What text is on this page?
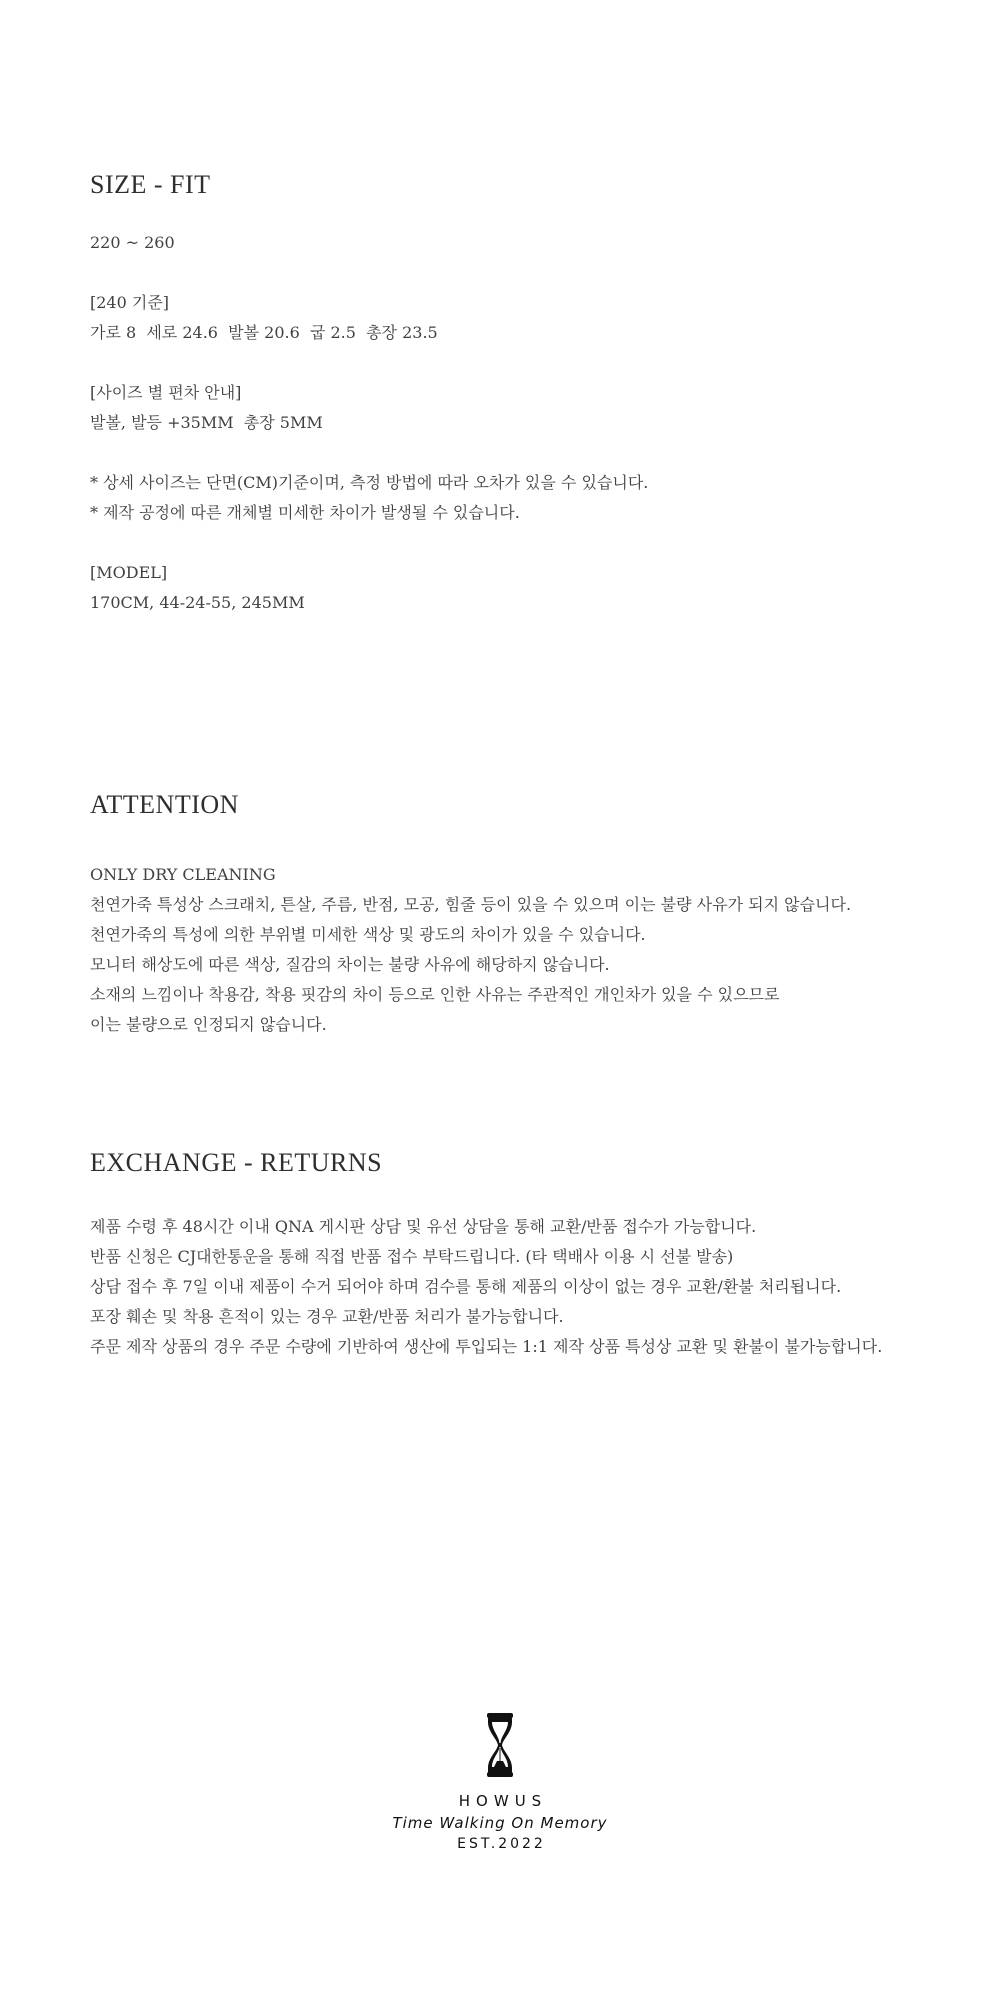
SIZE - FIT
220 ~ 260
[240 기준]
가로 8  세로 24.6  발볼 20.6  굽 2.5  총장 23.5
[사이즈 별 편차 안내]
발볼, 발등 +35MM  총장 5MM
* 상세 사이즈는 단면(CM)기준이며, 측정 방법에 따라 오차가 있을 수 있습니다.
* 제작 공정에 따른 개체별 미세한 차이가 발생될 수 있습니다.
[MODEL]
170CM, 44-24-55, 245MM
ATTENTION
ONLY DRY CLEANING
천연가죽 특성상 스크래치, 튼살, 주름, 반점, 모공, 힘줄 등이 있을 수 있으며 이는 불량 사유가 되지 않습니다.
천연가죽의 특성에 의한 부위별 미세한 색상 및 광도의 차이가 있을 수 있습니다.
모니터 해상도에 따른 색상, 질감의 차이는 불량 사유에 해당하지 않습니다.
소재의 느낌이나 착용감, 착용 핏감의 차이 등으로 인한 사유는 주관적인 개인차가 있을 수 있으므로
이는 불량으로 인정되지 않습니다.
EXCHANGE - RETURNS
제품 수령 후 48시간 이내 QNA 게시판 상담 및 유선 상담을 통해 교환/반품 접수가 가능합니다.
반품 신청은 CJ대한통운을 통해 직접 반품 접수 부탁드립니다. (타 택배사 이용 시 선불 발송)
상담 접수 후 7일 이내 제품이 수거 되어야 하며 검수를 통해 제품의 이상이 없는 경우 교환/환불 처리됩니다.
포장 훼손 및 착용 흔적이 있는 경우 교환/반품 처리가 불가능합니다.
주문 제작 상품의 경우 주문 수량에 기반하여 생산에 투입되는 1:1 제작 상품 특성상 교환 및 환불이 불가능합니다.
HOWUS
Time Walking On Memory
EST.2022
